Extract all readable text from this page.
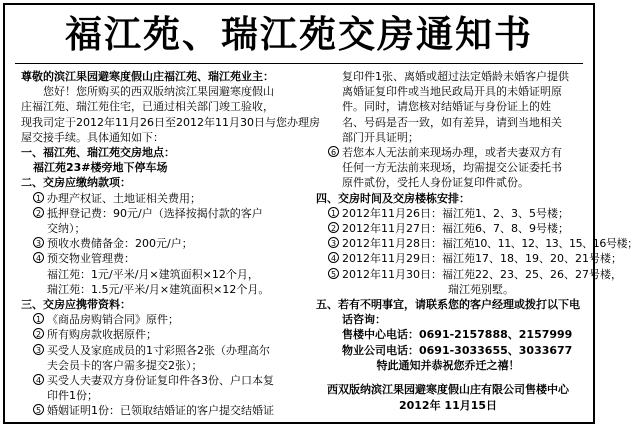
福江苑、瑞江苑交房通知书
尊敬的滨江果园避寒度假山庄福江苑、瑞江苑业主：
您好！您所购买的西双版纳滨江果园避寒度假山
庄福江苑、瑞江苑住宅，已通过相关部门竣工验收，
现我司定于2012年11月26日至2012年11月30日与您办理房
屋交接手续。具体通知如下：
一、福江苑、瑞江苑交房地点：
福江苑23#楼旁地下停车场
二、交房应缴纳款项：
1 办理产权证、土地证相关费用；
2 抵押登记费：90元/户（选择按揭付款的客户
交纳）；
3 预收水费储备金：200元/户；
4 预交物业管理费：
福江苑：1元/平米/月×建筑面积×12个月，
瑞江苑：1.5元/平米/月×建筑面积×12个月。
三、交房应携带资料：
1 《商品房购销合同》原件；
2 所有购房款收据原件；
3 买受人及家庭成员的1寸彩照各2张（办理高尔
夫会员卡的客户需多提交2张）；
4 买受人夫妻双方身份证复印件各3份、户口本复
印件1份；
5 婚姻证明1份：已领取结婚证的客户提交结婚证
复印件1张、离婚或超过法定婚龄未婚客户提供
离婚证复印件或当地民政局开具的未婚证明原
件。同时，请您核对结婚证与身份证上的姓
名、号码是否一致，如有差异，请到当地相关
部门开具证明；
6 若您本人无法前来现场办理，或者夫妻双方有
任何一方无法前来现场，均需提交公证委托书
原件贰份，受托人身份证复印件贰份。
四、交房时间及交房楼栋安排：
1 2012年11月26日：福江苑1、2、3、5号楼；
2 2012年11月27日：福江苑6、7、8、9号楼；
3 2012年11月28日：福江苑10、11、12、13、15、16号楼；
4 2012年11月29日：福江苑17、18、19、20、21号楼；
5 2012年11月30日：福江苑22、23、25、26、27号楼，
瑞江苑别墅。
五、若有不明事宜，请联系您的客户经理或拨打以下电
话咨询：
售楼中心电话：0691-2157888、2157999
物业公司电话：0691-3033655、3033677
特此通知并恭祝您乔迁之禧！
西双版纳滨江果园避寒度假山庄有限公司售楼中心
2012年 11月15日
